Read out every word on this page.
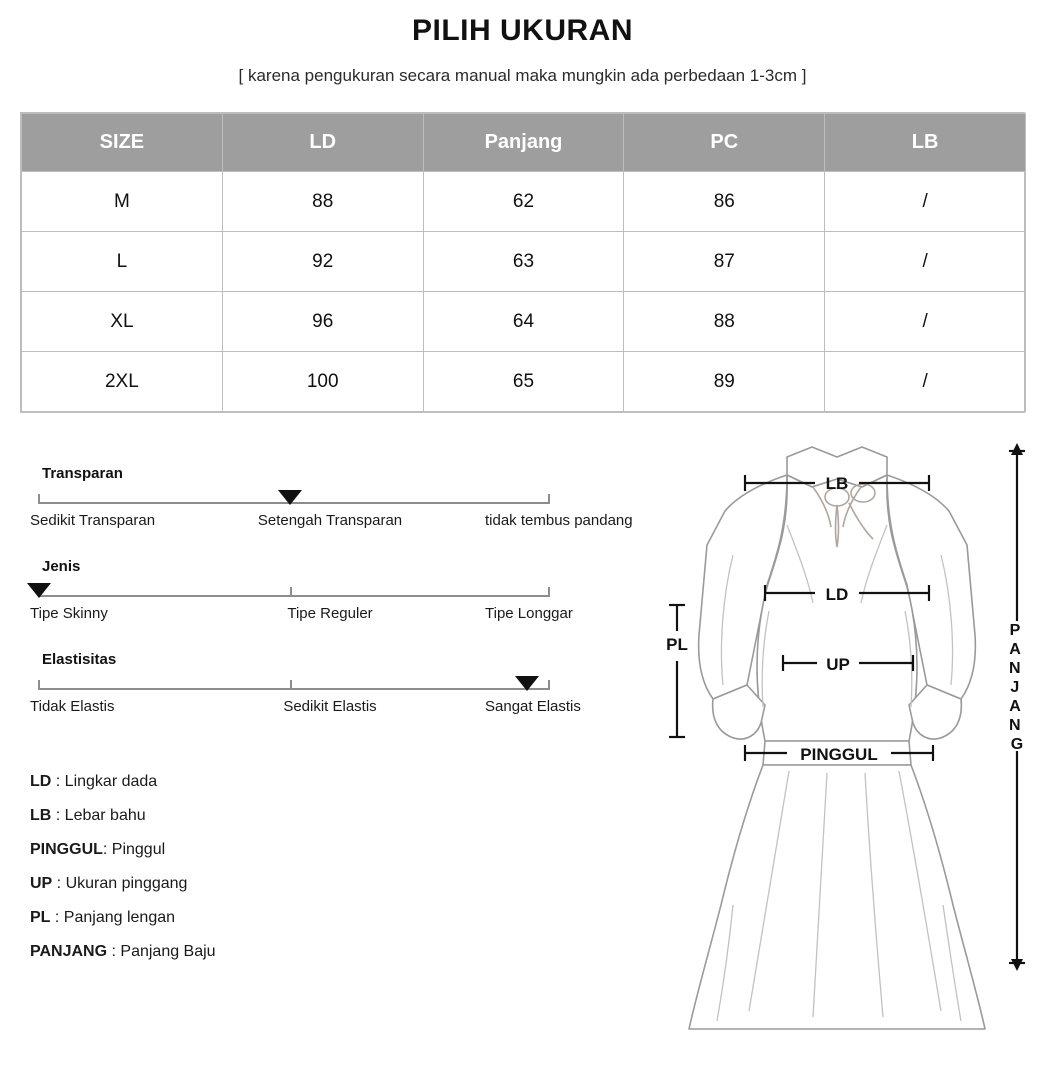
PILIH UKURAN

[ karena pengukuran secara manual maka mungkin ada perbedaan 1-3cm ]

SIZE	LD	Panjang	PC	LB
M	88	62	86	/
L	92	63	87	/
XL	96	64	88	/
2XL	100	65	89	/
Transparan
Sedikit Transparan	Setengah Transparan	tidak tembus pandang
Jenis
Tipe Skinny	Tipe Reguler	Tipe Longgar
Elastisitas
Tidak Elastis	Sedikit Elastis	Sangat Elastis
LD : Lingkar dada
LB : Lebar bahu
PINGGUL: Pinggul
UP : Ukuran pinggang
PL : Panjang lengan
PANJANG : Panjang Baju
LB
LD
UP
PINGGUL
PL
P A N J A N G
